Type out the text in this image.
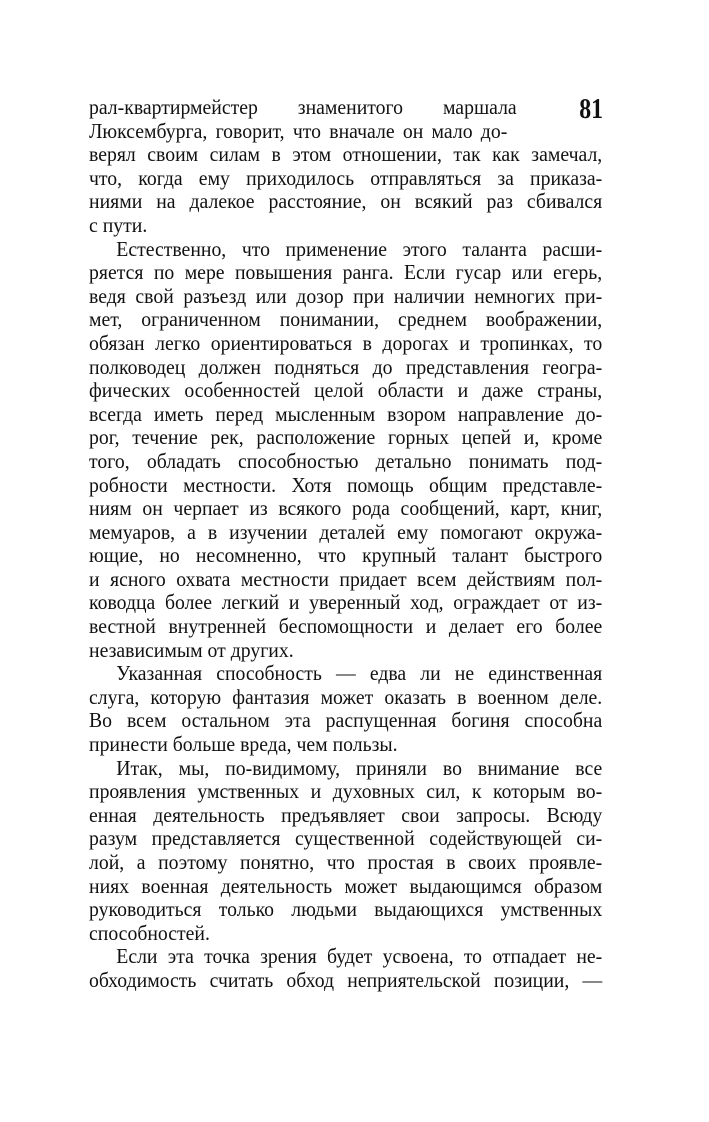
81
рал-квартирмейстер знаменитого маршала
Люксембурга, говорит, что вначале он мало до-
верял своим силам в этом отношении, так как замечал,
что, когда ему приходилось отправляться за приказа-
ниями на далекое расстояние, он всякий раз сбивался
с пути.
Естественно, что применение этого таланта расши-
ряется по мере повышения ранга. Если гусар или егерь,
ведя свой разъезд или дозор при наличии немногих при-
мет, ограниченном понимании, среднем воображении,
обязан легко ориентироваться в дорогах и тропинках, то
полководец должен подняться до представления геогра-
фических особенностей целой области и даже страны,
всегда иметь перед мысленным взором направление до-
рог, течение рек, расположение горных цепей и, кроме
того, обладать способностью детально понимать под-
робности местности. Хотя помощь общим представле-
ниям он черпает из всякого рода сообщений, карт, книг,
мемуаров, а в изучении деталей ему помогают окружа-
ющие, но несомненно, что крупный талант быстрого
и ясного охвата местности придает всем действиям пол-
ководца более легкий и уверенный ход, ограждает от из-
вестной внутренней беспомощности и делает его более
независимым от других.
Указанная способность — едва ли не единственная
слуга, которую фантазия может оказать в военном деле.
Во всем остальном эта распущенная богиня способна
принести больше вреда, чем пользы.
Итак, мы, по-видимому, приняли во внимание все
проявления умственных и духовных сил, к которым во-
енная деятельность предъявляет свои запросы. Всюду
разум представляется существенной содействующей си-
лой, а поэтому понятно, что простая в своих проявле-
ниях военная деятельность может выдающимся образом
руководиться только людьми выдающихся умственных
способностей.
Если эта точка зрения будет усвоена, то отпадает не-
обходимость считать обход неприятельской позиции, —
